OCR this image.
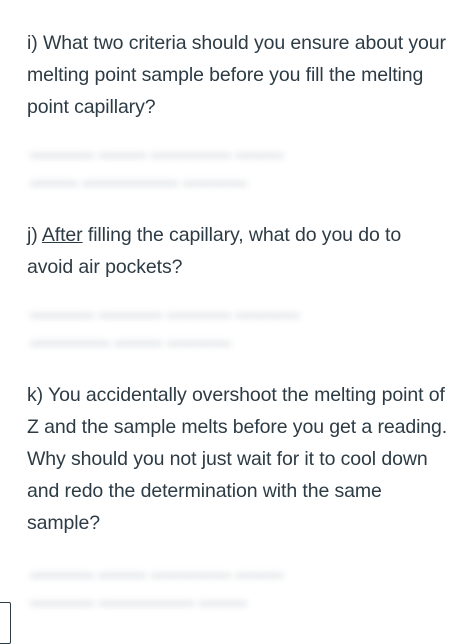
i) What two criteria should you ensure about your melting point sample before you fill the melting point capillary?
▬▬▬▬ ▬▬▬ ▬▬▬▬▬ ▬▬▬
▬▬▬ ▬▬▬▬▬▬ ▬▬▬▬
j) After filling the capillary, what do you do to avoid air pockets?
▬▬▬▬ ▬▬▬▬ ▬▬▬▬ ▬▬▬▬
▬▬▬▬▬ ▬▬▬ ▬▬▬▬
k) You accidentally overshoot the melting point of Z and the sample melts before you get a reading. Why should you not just wait for it to cool down and redo the determination with the same sample?
▬▬▬▬ ▬▬▬ ▬▬▬▬▬ ▬▬▬
▬▬▬▬ ▬▬▬▬▬▬ ▬▬▬
